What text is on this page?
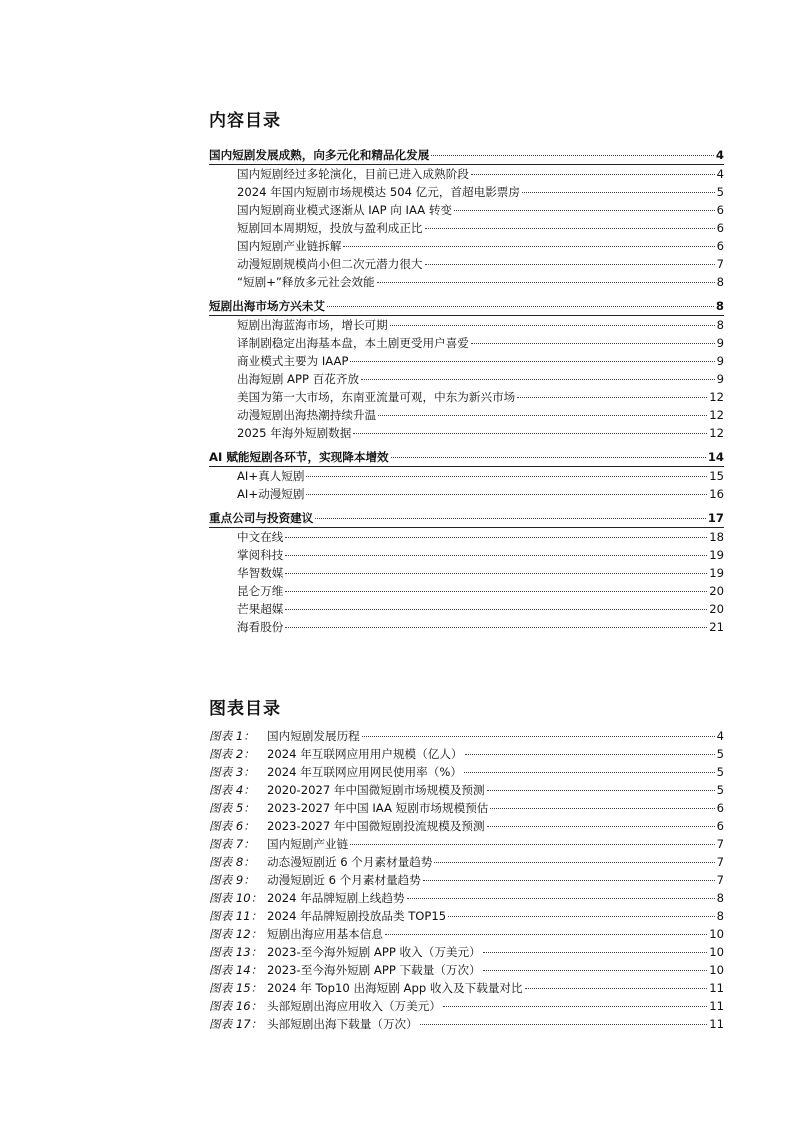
内容目录
国内短剧发展成熟，向多元化和精品化发展	4
国内短剧经过多轮演化，目前已进入成熟阶段	4
2024 年国内短剧市场规模达 504 亿元，首超电影票房	5
国内短剧商业模式逐渐从 IAP 向 IAA 转变	6
短剧回本周期短，投放与盈利成正比	6
国内短剧产业链拆解	6
动漫短剧规模尚小但二次元潜力很大	7
“短剧+”释放多元社会效能	8
短剧出海市场方兴未艾	8
短剧出海蓝海市场，增长可期	8
译制剧稳定出海基本盘，本土剧更受用户喜爱	9
商业模式主要为 IAAP	9
出海短剧 APP 百花齐放	9
美国为第一大市场，东南亚流量可观，中东为新兴市场	12
动漫短剧出海热潮持续升温	12
2025 年海外短剧数据	12
AI 赋能短剧各环节，实现降本增效	14
AI+真人短剧	15
AI+动漫短剧	16
重点公司与投资建议	17
中文在线	18
掌阅科技	19
华智数媒	19
昆仑万维	20
芒果超媒	20
海看股份	21
图表目录
图表 1：	国内短剧发展历程	4
图表 2：	2024 年互联网应用用户规模（亿人）	5
图表 3：	2024 年互联网应用网民使用率（%）	5
图表 4：	2020-2027 年中国微短剧市场规模及预测	5
图表 5：	2023-2027 年中国 IAA 短剧市场规模预估	6
图表 6：	2023-2027 年中国微短剧投流规模及预测	6
图表 7：	国内短剧产业链	7
图表 8：	动态漫短剧近 6 个月素材量趋势	7
图表 9：	动漫短剧近 6 个月素材量趋势	7
图表 10： 2024 年品牌短剧上线趋势	8
图表 11： 2024 年品牌短剧投放品类 TOP15	8
图表 12： 短剧出海应用基本信息	10
图表 13： 2023-至今海外短剧 APP 收入（万美元）	10
图表 14： 2023-至今海外短剧 APP 下载量（万次）	10
图表 15： 2024 年 Top10 出海短剧 App 收入及下载量对比	11
图表 16： 头部短剧出海应用收入（万美元）	11
图表 17： 头部短剧出海下载量（万次）	11
